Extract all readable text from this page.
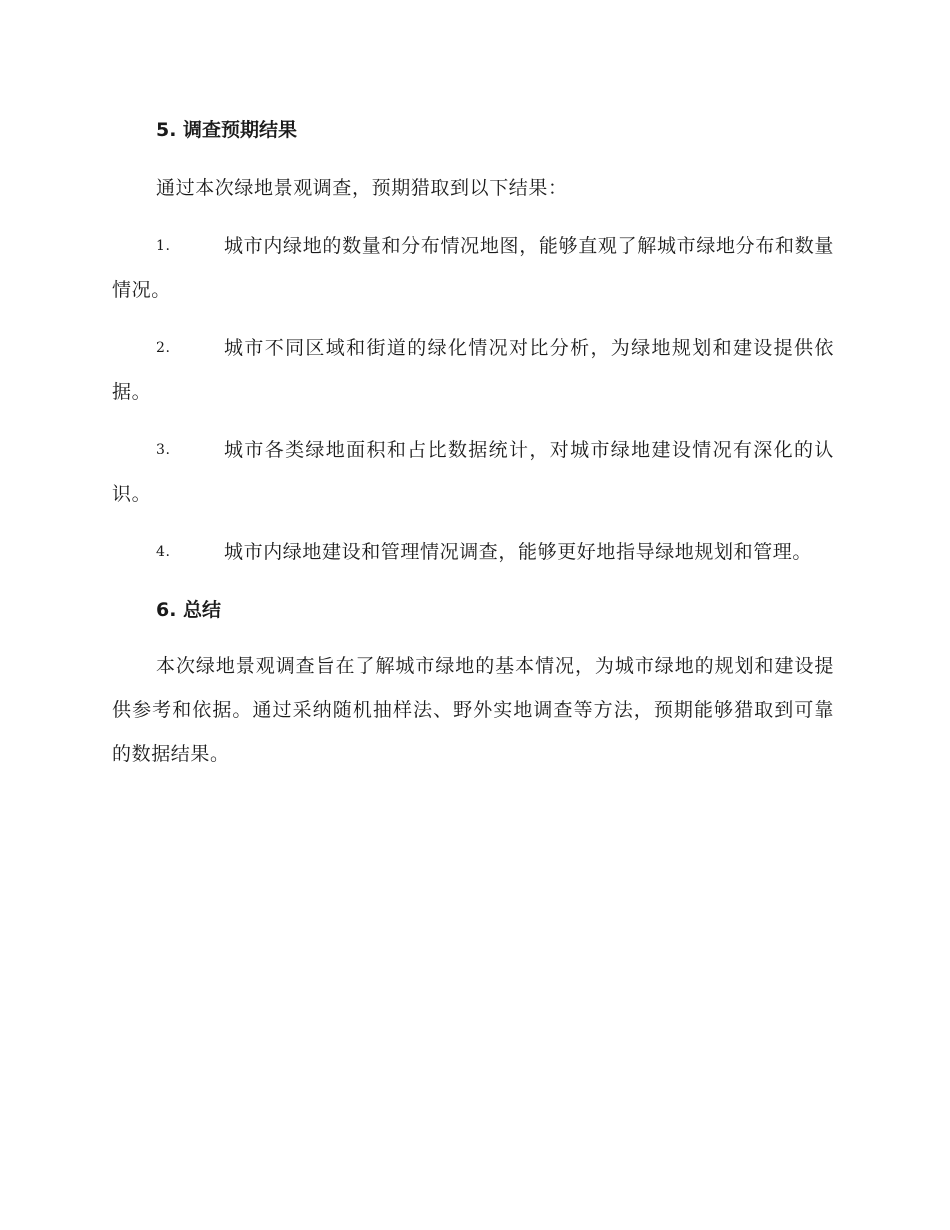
5. 调查预期结果

通过本次绿地景观调查，预期猎取到以下结果：

1.	城市内绿地的数量和分布情况地图，能够直观了解城市绿地分布和数量情况。
2.	城市不同区域和街道的绿化情况对比分析，为绿地规划和建设提供依据。
3.	城市各类绿地面积和占比数据统计，对城市绿地建设情况有深化的认识。
4.	城市内绿地建设和管理情况调查，能够更好地指导绿地规划和管理。
6. 总结

本次绿地景观调查旨在了解城市绿地的基本情况，为城市绿地的规划和建设提供参考和依据。通过采纳随机抽样法、野外实地调查等方法，预期能够猎取到可靠的数据结果。
